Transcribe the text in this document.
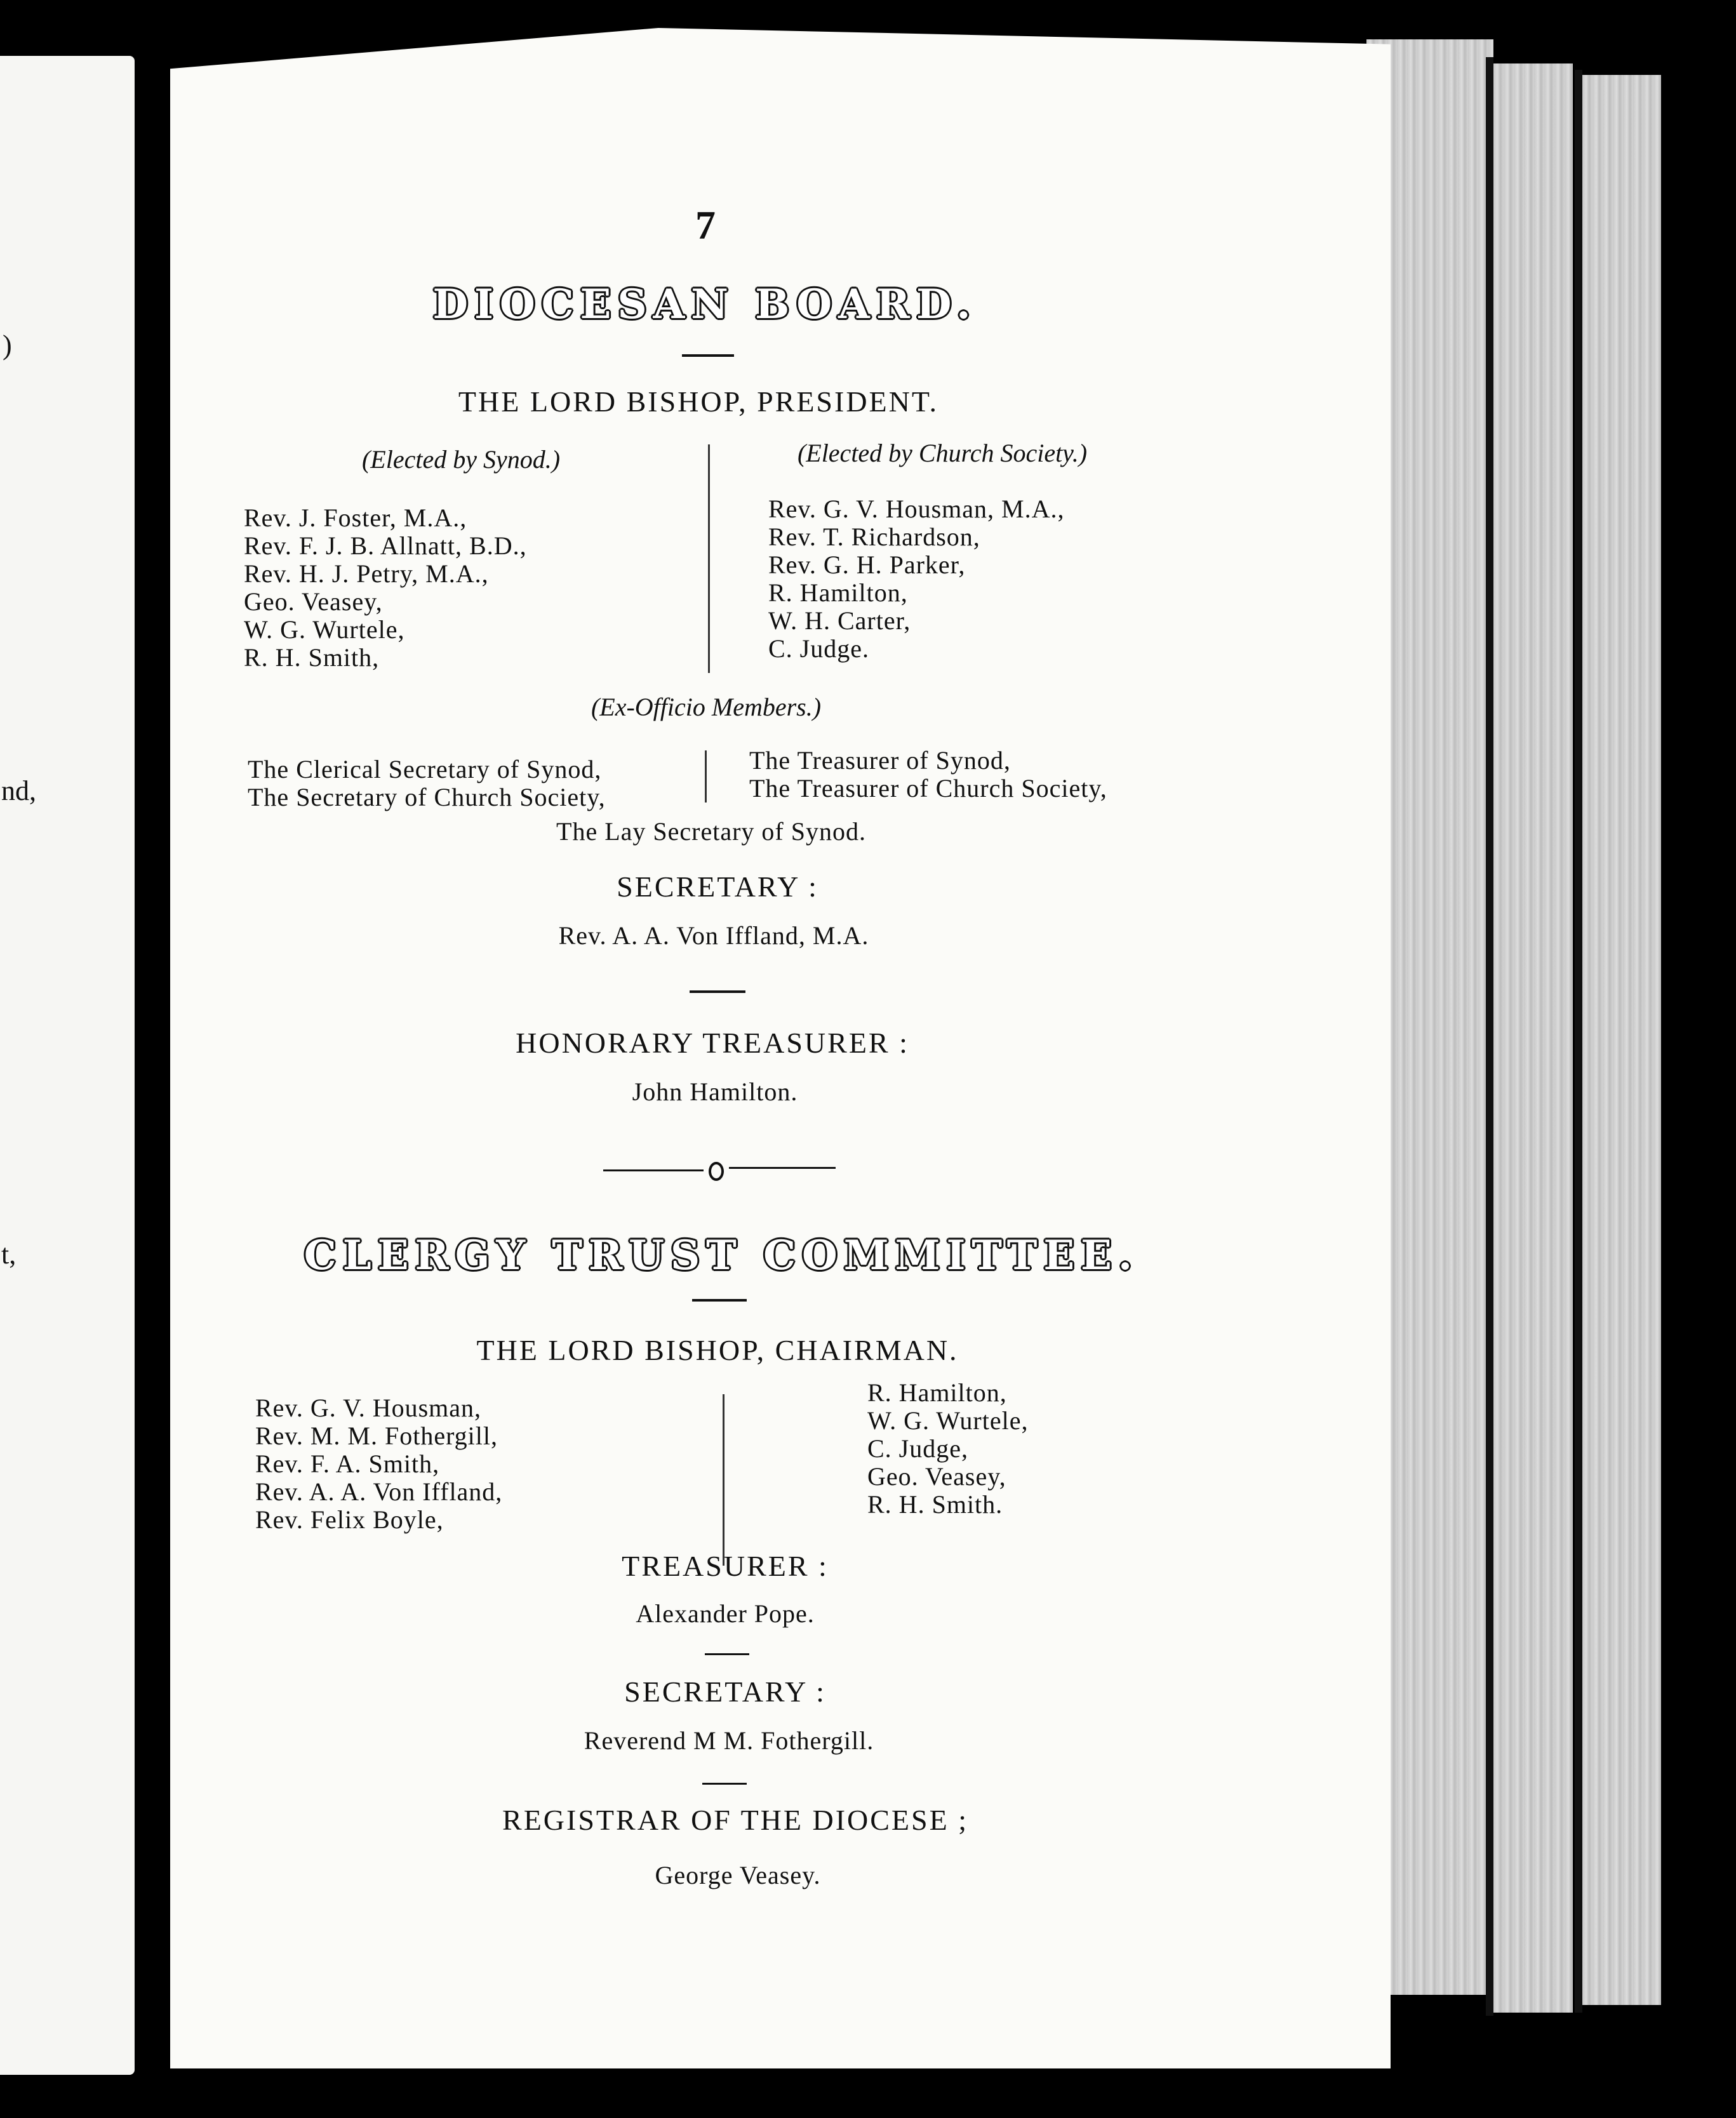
)
nd,
t,
7
DIOCESAN BOARD.
THE LORD BISHOP, PRESIDENT.
(Elected by Synod.)	(Elected by Church Society.)
Rev. J. Foster, M.A.,
Rev. F. J. B. Allnatt, B.D.,
Rev. H. J. Petry, M.A.,
Geo. Veasey,
W. G. Wurtele,
R. H. Smith,
Rev. G. V. Housman, M.A.,
Rev. T. Richardson,
Rev. G. H. Parker,
R. Hamilton,
W. H. Carter,
C. Judge.
(Ex-Officio Members.)
The Clerical Secretary of Synod,
The Secretary of Church Society,
The Treasurer of Synod,
The Treasurer of Church Society,
The Lay Secretary of Synod.
SECRETARY :
Rev. A. A. Von Iffland, M.A.
HONORARY TREASURER :
John Hamilton.
CLERGY TRUST COMMITTEE.
THE LORD BISHOP, CHAIRMAN.
Rev. G. V. Housman,
Rev. M. M. Fothergill,
Rev. F. A. Smith,
Rev. A. A. Von Iffland,
Rev. Felix Boyle,
R. Hamilton,
W. G. Wurtele,
C. Judge,
Geo. Veasey,
R. H. Smith.
TREASURER :
Alexander Pope.
SECRETARY :
Reverend M M. Fothergill.
REGISTRAR OF THE DIOCESE ;
George Veasey.
